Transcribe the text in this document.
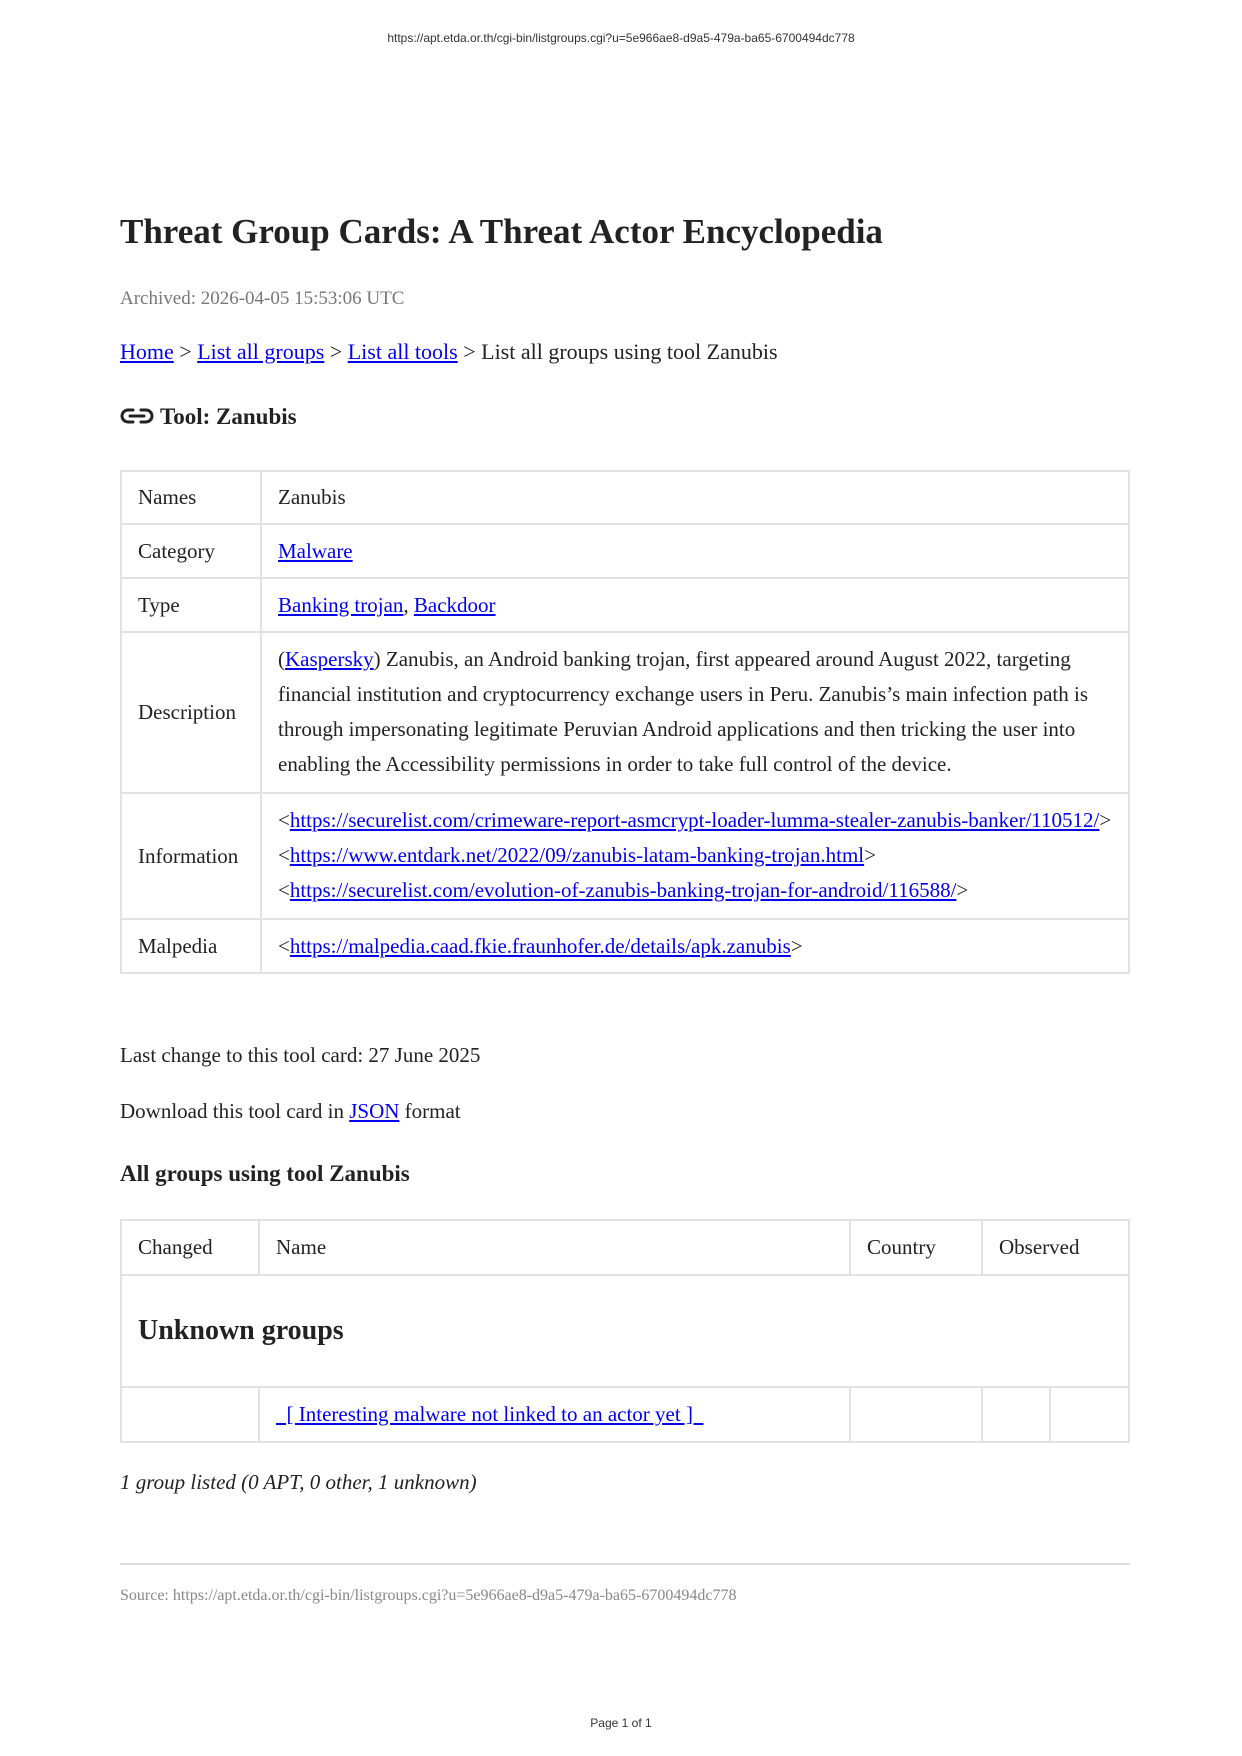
https://apt.etda.or.th/cgi-bin/listgroups.cgi?u=5e966ae8-d9a5-479a-ba65-6700494dc778
Threat Group Cards: A Threat Actor Encyclopedia
Archived: 2026-04-05 15:53:06 UTC
Home > List all groups > List all tools > List all groups using tool Zanubis
Tool: Zanubis
Names	Zanubis
Category	Malware
Type	Banking trojan, Backdoor
Description	(Kaspersky) Zanubis, an Android banking trojan, first appeared around August 2022, targeting financial institution and cryptocurrency exchange users in Peru. Zanubis’s main infection path is through impersonating legitimate Peruvian Android applications and then tricking the user into enabling the Accessibility permissions in order to take full control of the device.
Information	<https://securelist.com/crimeware-report-asmcrypt-loader-lumma-stealer-zanubis-banker/110512/>
<https://www.entdark.net/2022/09/zanubis-latam-banking-trojan.html>
<https://securelist.com/evolution-of-zanubis-banking-trojan-for-android/116588/>

Malpedia	<https://malpedia.caad.fkie.fraunhofer.de/details/apk.zanubis>
Last change to this tool card: 27 June 2025
Download this tool card in JSON format
All groups using tool Zanubis
Changed	Name	Country	Observed	
Unknown groups				
	[ Interesting malware not linked to an actor yet ]			
1 group listed (0 APT, 0 other, 1 unknown)
Source: https://apt.etda.or.th/cgi-bin/listgroups.cgi?u=5e966ae8-d9a5-479a-ba65-6700494dc778
Page 1 of 1
